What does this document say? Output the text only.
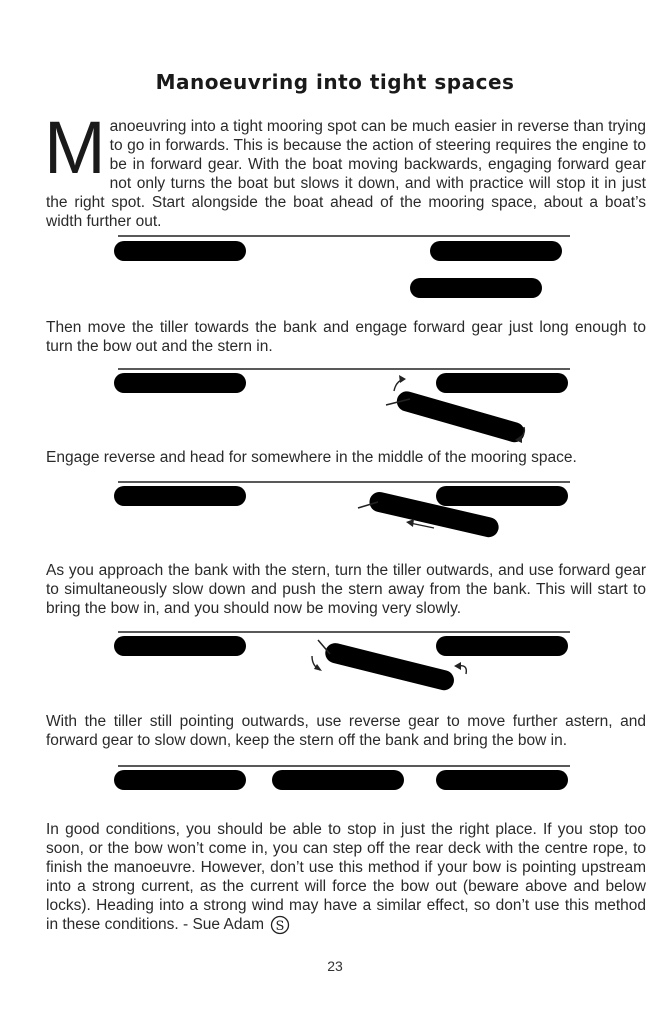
Manoeuvring into tight spaces

Manoeuvring into a tight mooring spot can be much easier in reverse than trying to go in forwards. This is because the action of steering requires the engine to be in forward gear. With the boat moving backwards, engaging forward gear not only turns the boat but slows it down, and with practice will stop it in just the right spot. Start alongside the boat ahead of the mooring space, about a boat’s width further out.

Then move the tiller towards the bank and engage forward gear just long enough to turn the bow out and the stern in.

Engage reverse and head for somewhere in the middle of the mooring space.

As you approach the bank with the stern, turn the tiller outwards, and use forward gear to simultaneously slow down and push the stern away from the bank. This will start to bring the bow in, and you should now be moving very slowly.

With the tiller still pointing outwards, use reverse gear to move further astern, and forward gear to slow down, keep the stern off the bank and bring the bow in.

In good conditions, you should be able to stop in just the right place. If you stop too soon, or the bow won’t come in, you can step off the rear deck with the centre rope, to finish the manoeuvre. However, don’t use this method if your bow is pointing upstream into a strong current, as the current will force the bow out (beware above and below locks). Heading into a strong wind may have a similar effect, so don’t use this method in these conditions. - Sue Adam S

23
